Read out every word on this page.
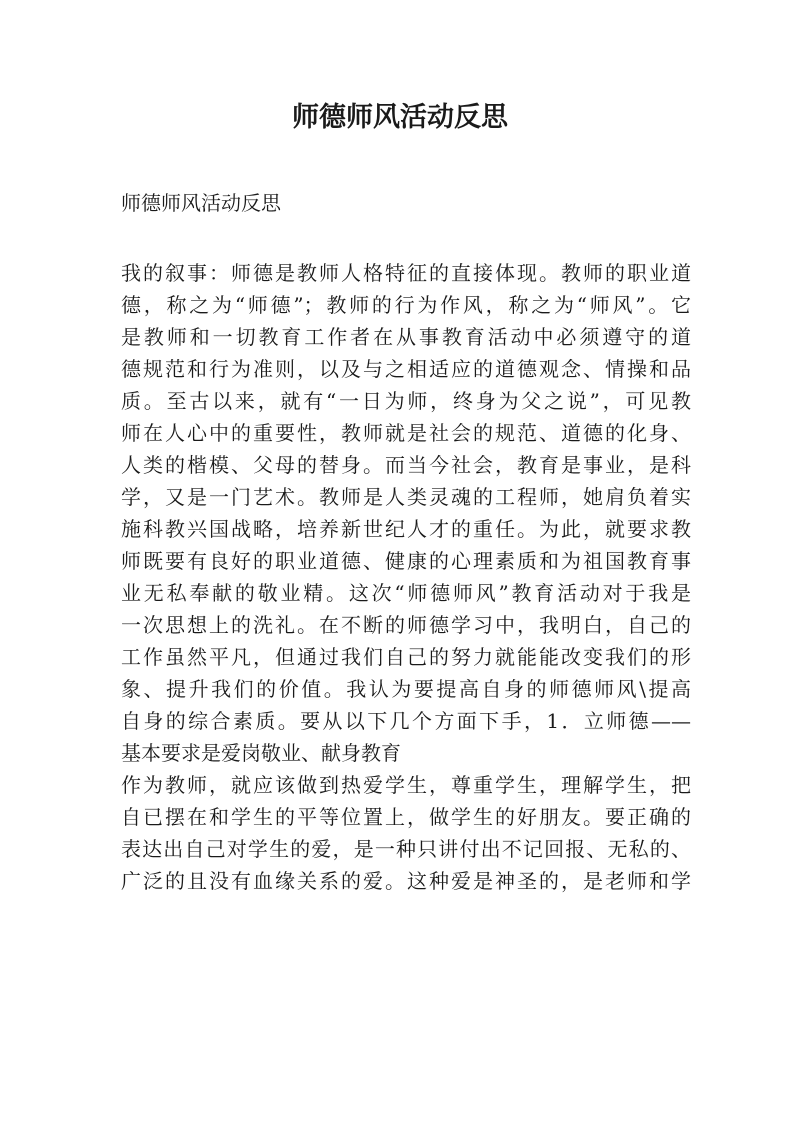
师德师风活动反思

师德师风活动反思

我的叙事：师德是教师人格特征的直接体现。教师的职业道
德，称之为“师德”；教师的行为作风，称之为“师风”。它
是教师和一切教育工作者在从事教育活动中必须遵守的道
德规范和行为准则，以及与之相适应的道德观念、情操和品
质。至古以来，就有“一日为师，终身为父之说”，可见教
师在人心中的重要性，教师就是社会的规范、道德的化身、
人类的楷模、父母的替身。而当今社会，教育是事业，是科
学，又是一门艺术。教师是人类灵魂的工程师，她肩负着实
施科教兴国战略，培养新世纪人才的重任。为此，就要求教
师既要有良好的职业道德、健康的心理素质和为祖国教育事
业无私奉献的敬业精。这次“师德师风”教育活动对于我是
一次思想上的洗礼。在不断的师德学习中，我明白，自己的
工作虽然平凡，但通过我们自己的努力就能能改变我们的形
象、提升我们的价值。我认为要提高自身的师德师风\提高
自身的综合素质。要从以下几个方面下手，1．立师德——
基本要求是爱岗敬业、献身教育
作为教师，就应该做到热爱学生，尊重学生，理解学生，把
自已摆在和学生的平等位置上，做学生的好朋友。要正确的
表达出自己对学生的爱，是一种只讲付出不记回报、无私的、
广泛的且没有血缘关系的爱。这种爱是神圣的，是老师和学
